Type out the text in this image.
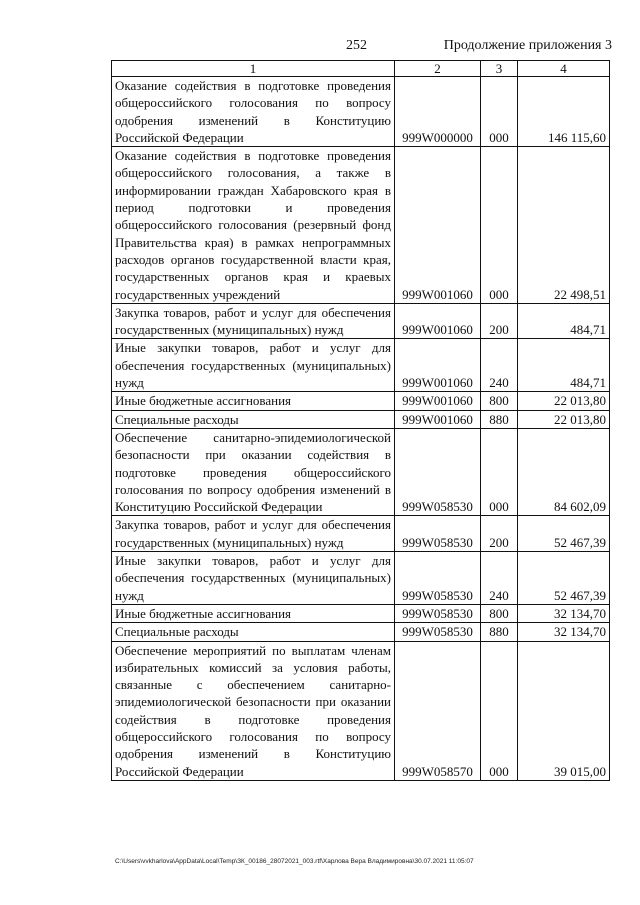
252	Продолжение приложения 3
1	2	3	4
Оказание содействия в подготовке проведения общероссийского голосования по вопросу одобрения изменений в Конституцию Российской Федерации	999W000000	000	146 115,60
Оказание содействия в подготовке проведения общероссийского голосования, а также в информировании граждан Хабаровского края в период подготовки и проведения общероссийского голосования (резервный фонд Правительства края) в рамках непрограммных расходов органов государственной власти края, государственных органов края и краевых государственных учреждений	999W001060	000	22 498,51
Закупка товаров, работ и услуг для обеспечения государственных (муниципальных) нужд	999W001060	200	484,71
Иные закупки товаров, работ и услуг для обеспечения государственных (муниципальных) нужд	999W001060	240	484,71
Иные бюджетные ассигнования	999W001060	800	22 013,80
Специальные расходы	999W001060	880	22 013,80
Обеспечение санитарно-эпидемиологической безопасности при оказании содействия в подготовке проведения общероссийского голосования по вопросу одобрения изменений в Конституцию Российской Федерации	999W058530	000	84 602,09
Закупка товаров, работ и услуг для обеспечения государственных (муниципальных) нужд	999W058530	200	52 467,39
Иные закупки товаров, работ и услуг для обеспечения государственных (муниципальных) нужд	999W058530	240	52 467,39
Иные бюджетные ассигнования	999W058530	800	32 134,70
Специальные расходы	999W058530	880	32 134,70
Обеспечение мероприятий по выплатам членам избирательных комиссий за условия работы, связанные с обеспечением санитарно-эпидемиологической безопасности при оказании содействия в подготовке проведения общероссийского голосования по вопросу одобрения изменений в Конституцию Российской Федерации	999W058570	000	39 015,00
C:\Users\vvkharlova\AppData\Local\Temp\ЗК_00186_28072021_003.rtf\Харлова Вера Владимировна\30.07.2021 11:05:07
